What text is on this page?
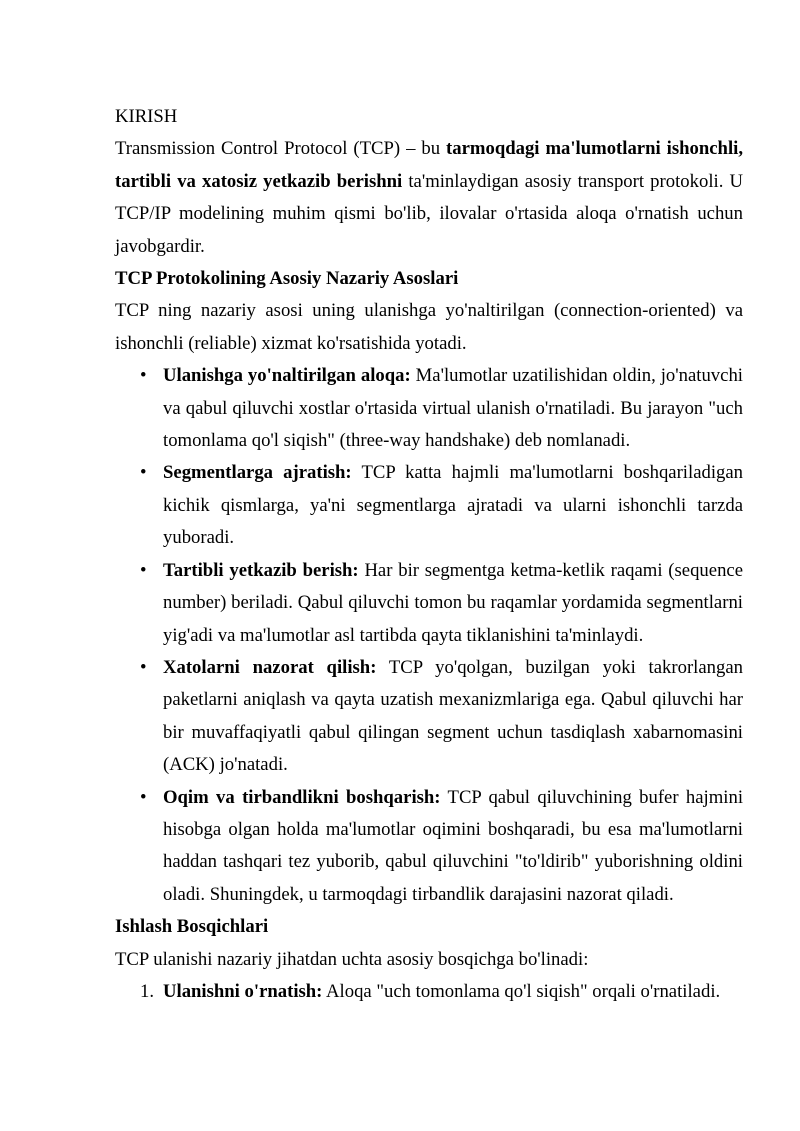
KIRISH

Transmission Control Protocol (TCP) – bu tarmoqdagi ma'lumotlarni ishonchli, tartibli va xatosiz yetkazib berishni ta'minlaydigan asosiy transport protokoli. U TCP/IP modelining muhim qismi bo'lib, ilovalar o'rtasida aloqa o'rnatish uchun javobgardir.

TCP Protokolining Asosiy Nazariy Asoslari

TCP ning nazariy asosi uning ulanishga yo'naltirilgan (connection-oriented) va ishonchli (reliable) xizmat ko'rsatishida yotadi.

• Ulanishga yo'naltirilgan aloqa: Ma'lumotlar uzatilishidan oldin, jo'natuvchi va qabul qiluvchi xostlar o'rtasida virtual ulanish o'rnatiladi. Bu jarayon "uch tomonlama qo'l siqish" (three-way handshake) deb nomlanadi.
• Segmentlarga ajratish: TCP katta hajmli ma'lumotlarni boshqariladigan kichik qismlarga, ya'ni segmentlarga ajratadi va ularni ishonchli tarzda yuboradi.
• Tartibli yetkazib berish: Har bir segmentga ketma-ketlik raqami (sequence number) beriladi. Qabul qiluvchi tomon bu raqamlar yordamida segmentlarni yig'adi va ma'lumotlar asl tartibda qayta tiklanishini ta'minlaydi.
• Xatolarni nazorat qilish: TCP yo'qolgan, buzilgan yoki takrorlangan paketlarni aniqlash va qayta uzatish mexanizmlariga ega. Qabul qiluvchi har bir muvaffaqiyatli qabul qilingan segment uchun tasdiqlash xabarnomasini (ACK) jo'natadi.
• Oqim va tirbandlikni boshqarish: TCP qabul qiluvchining bufer hajmini hisobga olgan holda ma'lumotlar oqimini boshqaradi, bu esa ma'lumotlarni haddan tashqari tez yuborib, qabul qiluvchini "to'ldirib" yuborishning oldini oladi. Shuningdek, u tarmoqdagi tirbandlik darajasini nazorat qiladi.

Ishlash Bosqichlari

TCP ulanishi nazariy jihatdan uchta asosiy bosqichga bo'linadi:

1. Ulanishni o'rnatish: Aloqa "uch tomonlama qo'l siqish" orqali o'rnatiladi.
